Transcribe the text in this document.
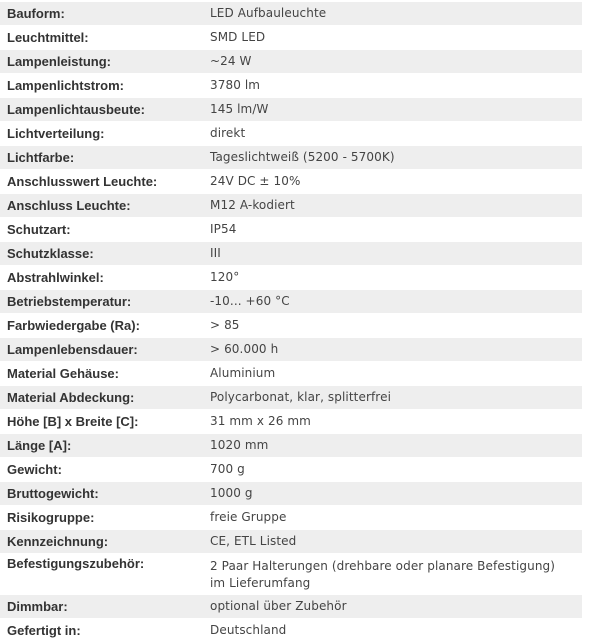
Bauform:	LED Aufbauleuchte
Leuchtmittel:	SMD LED
Lampenleistung:	~24 W
Lampenlichtstrom:	3780 lm
Lampenlichtausbeute:	145 lm/W
Lichtverteilung:	direkt
Lichtfarbe:	Tageslichtweiß (5200 - 5700K)
Anschlusswert Leuchte:	24V DC ± 10%
Anschluss Leuchte:	M12 A-kodiert
Schutzart:	IP54
Schutzklasse:	III
Abstrahlwinkel:	120°
Betriebstemperatur:	-10... +60 °C
Farbwiedergabe (Ra):	> 85
Lampenlebensdauer:	> 60.000 h
Material Gehäuse:	Aluminium
Material Abdeckung:	Polycarbonat, klar, splitterfrei
Höhe [B] x Breite [C]:	31 mm x 26 mm
Länge [A]:	1020 mm
Gewicht:	700 g
Bruttogewicht:	1000 g
Risikogruppe:	freie Gruppe
Kennzeichnung:	CE, ETL Listed
Befestigungszubehör:	2 Paar Halterungen (drehbare oder planare Befestigung) im Lieferumfang
Dimmbar:	optional über Zubehör
Gefertigt in:	Deutschland
